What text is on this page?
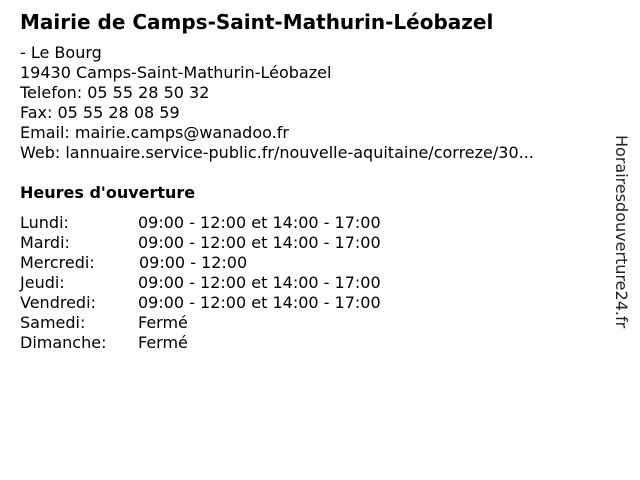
Mairie de Camps-Saint-Mathurin-Léobazel
- Le Bourg
19430 Camps-Saint-Mathurin-Léobazel
Telefon: 05 55 28 50 32
Fax: 05 55 28 08 59
Email: mairie.camps@wanadoo.fr
Web: lannuaire.service-public.fr/nouvelle-aquitaine/correze/30...
Heures d'ouverture
Lundi:	09:00 - 12:00 et 14:00 - 17:00
Mardi:	09:00 - 12:00 et 14:00 - 17:00
Mercredi:	09:00 - 12:00
Jeudi:	09:00 - 12:00 et 14:00 - 17:00
Vendredi:	09:00 - 12:00 et 14:00 - 17:00
Samedi:	Fermé
Dimanche: Fermé
Horairesdouverture24.fr
